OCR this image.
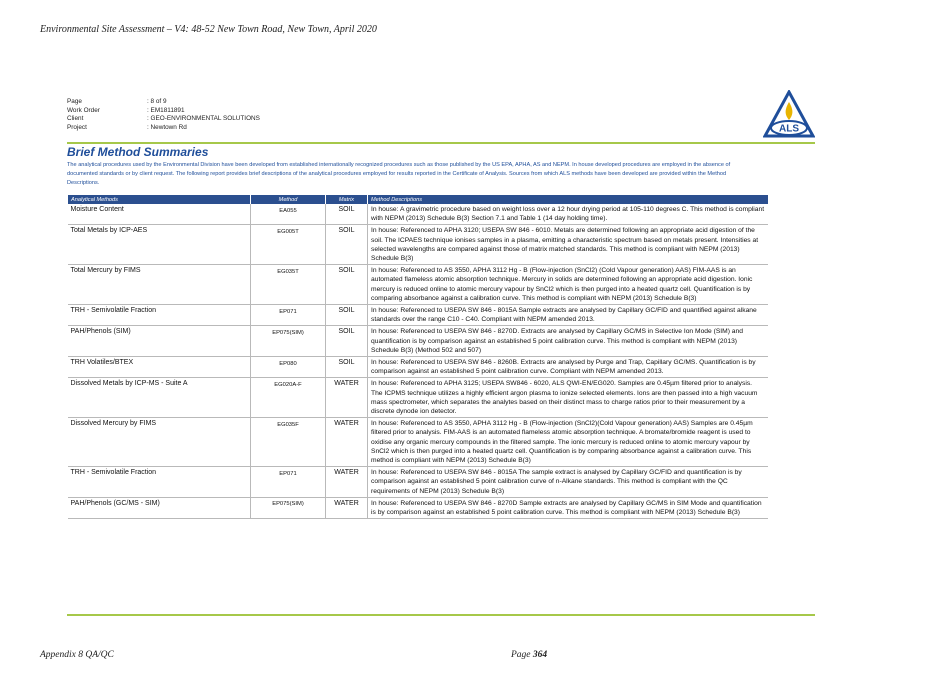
Environmental Site Assessment – V4: 48-52 New Town Road, New Town, April 2020
Page	: 8 of 9
Work Order	: EM1811891
Client	: GEO-ENVIRONMENTAL SOLUTIONS
Project	: Newtown Rd	ALS
Brief Method Summaries
The analytical procedures used by the Environmental Division have been developed from established internationally recognized procedures such as those published by the US EPA, APHA, AS and NEPM. In house developed procedures are employed in the absence of documented standards or by client request. The following report provides brief descriptions of the analytical procedures employed for results reported in the Certificate of Analysis. Sources from which ALS methods have been developed are provided within the Method Descriptions.
Analytical Methods	Method	Matrix	Method Descriptions
Moisture Content	EA055	SOIL	In house: A gravimetric procedure based on weight loss over a 12 hour drying period at 105-110 degrees C. This method is compliant with NEPM (2013) Schedule B(3) Section 7.1 and Table 1 (14 day holding time).
Total Metals by ICP-AES	EG005T	SOIL	In house: Referenced to APHA 3120; USEPA SW 846 - 6010. Metals are determined following an appropriate acid digestion of the soil. The ICPAES technique ionises samples in a plasma, emitting a characteristic spectrum based on metals present. Intensities at selected wavelengths are compared against those of matrix matched standards. This method is compliant with NEPM (2013) Schedule B(3)
Total Mercury by FIMS	EG035T	SOIL	In house: Referenced to AS 3550, APHA 3112 Hg - B (Flow-injection (SnCl2) (Cold Vapour generation) AAS) FIM-AAS is an automated flameless atomic absorption technique. Mercury in solids are determined following an appropriate acid digestion. Ionic mercury is reduced online to atomic mercury vapour by SnCl2 which is then purged into a heated quartz cell. Quantification is by comparing absorbance against a calibration curve. This method is compliant with NEPM (2013) Schedule B(3)
TRH - Semivolatile Fraction	EP071	SOIL	In house: Referenced to USEPA SW 846 - 8015A Sample extracts are analysed by Capillary GC/FID and quantified against alkane standards over the range C10 - C40. Compliant with NEPM amended 2013.
PAH/Phenols (SIM)	EP075(SIM)	SOIL	In house: Referenced to USEPA SW 846 - 8270D. Extracts are analysed by Capillary GC/MS in Selective Ion Mode (SIM) and quantification is by comparison against an established 5 point calibration curve. This method is compliant with NEPM (2013) Schedule B(3) (Method 502 and 507)
TRH Volatiles/BTEX	EP080	SOIL	In house: Referenced to USEPA SW 846 - 8260B. Extracts are analysed by Purge and Trap, Capillary GC/MS. Quantification is by comparison against an established 5 point calibration curve. Compliant with NEPM amended 2013.
Dissolved Metals by ICP-MS - Suite A	EG020A-F	WATER	In house: Referenced to APHA 3125; USEPA SW846 - 6020, ALS QWI-EN/EG020. Samples are 0.45µm filtered prior to analysis. The ICPMS technique utilizes a highly efficient argon plasma to ionize selected elements. Ions are then passed into a high vacuum mass spectrometer, which separates the analytes based on their distinct mass to charge ratios prior to their measurement by a discrete dynode ion detector.
Dissolved Mercury by FIMS	EG035F	WATER	In house: Referenced to AS 3550, APHA 3112 Hg - B (Flow-injection (SnCl2)(Cold Vapour generation) AAS) Samples are 0.45µm filtered prior to analysis. FIM-AAS is an automated flameless atomic absorption technique. A bromate/bromide reagent is used to oxidise any organic mercury compounds in the filtered sample. The ionic mercury is reduced online to atomic mercury vapour by SnCl2 which is then purged into a heated quartz cell. Quantification is by comparing absorbance against a calibration curve. This method is compliant with NEPM (2013) Schedule B(3)
TRH - Semivolatile Fraction	EP071	WATER	In house: Referenced to USEPA SW 846 - 8015A The sample extract is analysed by Capillary GC/FID and quantification is by comparison against an established 5 point calibration curve of n-Alkane standards. This method is compliant with the QC requirements of NEPM (2013) Schedule B(3)
PAH/Phenols (GC/MS - SIM)	EP075(SIM)	WATER	In house: Referenced to USEPA SW 846 - 8270D Sample extracts are analysed by Capillary GC/MS in SIM Mode and quantification is by comparison against an established 5 point calibration curve. This method is compliant with NEPM (2013) Schedule B(3)
Appendix 8 QA/QC	Page 364
